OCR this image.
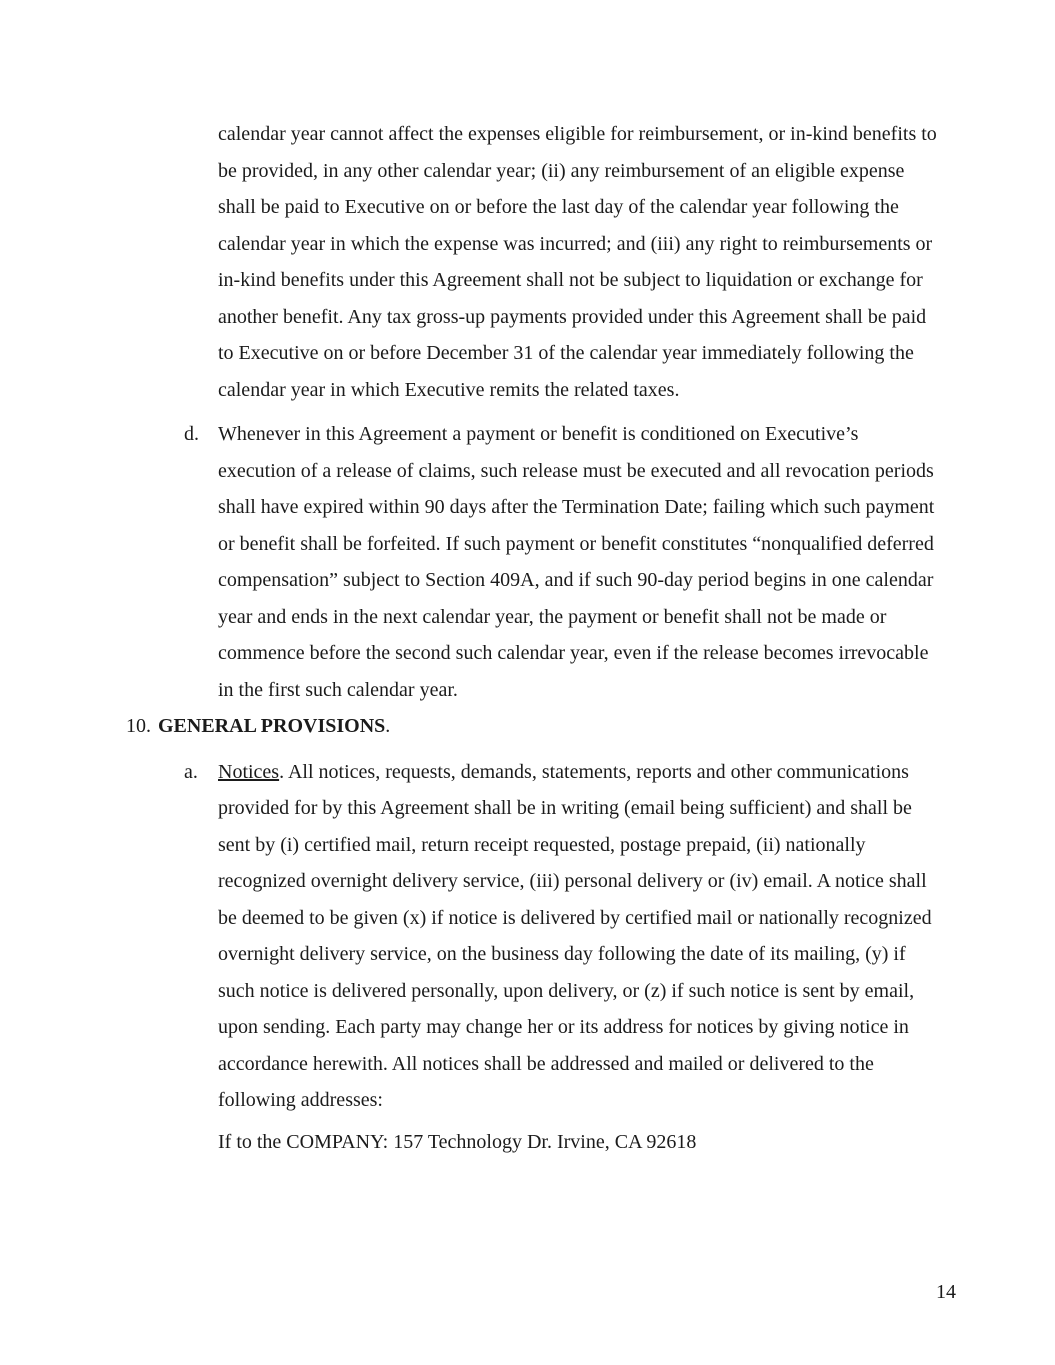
calendar year cannot affect the expenses eligible for reimbursement, or in-kind benefits to be provided, in any other calendar year; (ii) any reimbursement of an eligible expense shall be paid to Executive on or before the last day of the calendar year following the calendar year in which the expense was incurred; and (iii) any right to reimbursements or in-kind benefits under this Agreement shall not be subject to liquidation or exchange for another benefit. Any tax gross-up payments provided under this Agreement shall be paid to Executive on or before December 31 of the calendar year immediately following the calendar year in which Executive remits the related taxes.

d. Whenever in this Agreement a payment or benefit is conditioned on Executive’s execution of a release of claims, such release must be executed and all revocation periods shall have expired within 90 days after the Termination Date; failing which such payment or benefit shall be forfeited. If such payment or benefit constitutes “nonqualified deferred compensation” subject to Section 409A, and if such 90-day period begins in one calendar year and ends in the next calendar year, the payment or benefit shall not be made or commence before the second such calendar year, even if the release becomes irrevocable in the first such calendar year.

10. GENERAL PROVISIONS.

a. Notices. All notices, requests, demands, statements, reports and other communications provided for by this Agreement shall be in writing (email being sufficient) and shall be sent by (i) certified mail, return receipt requested, postage prepaid, (ii) nationally recognized overnight delivery service, (iii) personal delivery or (iv) email. A notice shall be deemed to be given (x) if notice is delivered by certified mail or nationally recognized overnight delivery service, on the business day following the date of its mailing, (y) if such notice is delivered personally, upon delivery, or (z) if such notice is sent by email, upon sending. Each party may change her or its address for notices by giving notice in accordance herewith. All notices shall be addressed and mailed or delivered to the following addresses:

If to the COMPANY: 157 Technology Dr. Irvine, CA 92618

14
